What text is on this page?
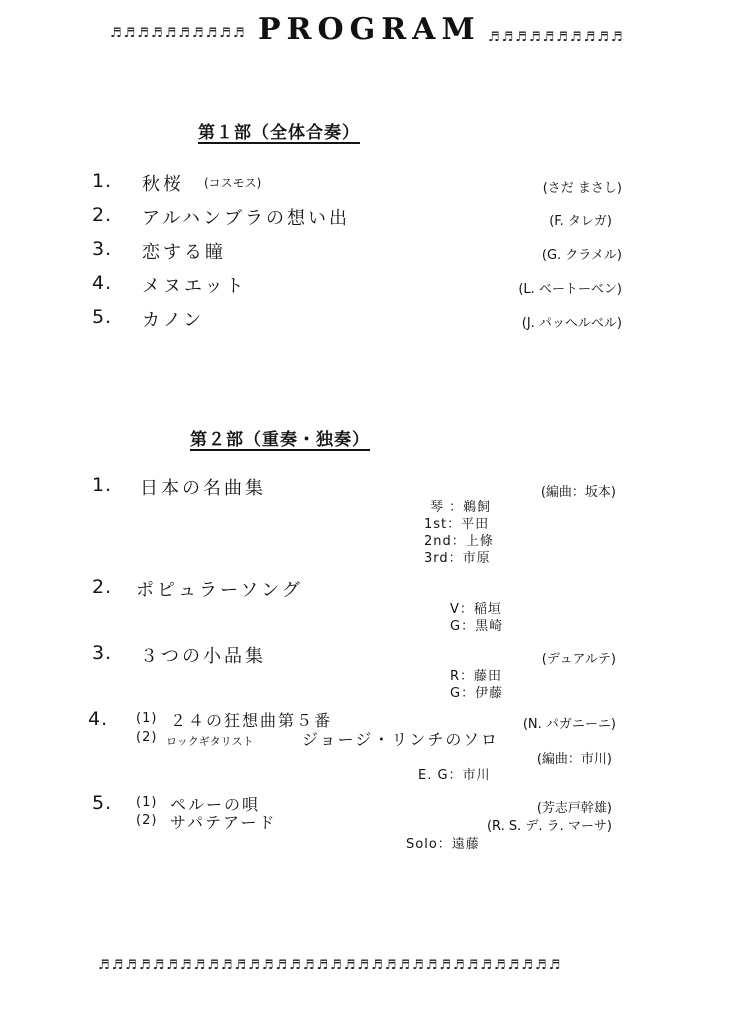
♬♬♬♬♬♬♬♬♬♬ PROGRAM ♬♬♬♬♬♬♬♬♬♬
第１部（全体合奏）
1. 秋桜 (コスモス)	(さだ まさし)
2. アルハンブラの想い出	(F. タレガ)
3. 恋する瞳	(G. クラメル)
4. メヌエット	(L. ベートーベン)
5. カノン	(J. パッヘルベル)
第２部（重奏・独奏）
1. 日本の名曲集	(編曲：坂本)
琴 ：鵜飼
1st：平田
2nd：上條
3rd：市原
2. ポピュラーソング
V：稲垣
G：黒崎
3. ３つの小品集	(デュアルテ)
R：藤田
G：伊藤
4. (1) ２４の狂想曲第５番	(N. パガニーニ)
(2) ロックギタリスト	ジョージ・リンチのソロ
(編曲：市川)
E. G：市川
5. (1) ペルーの唄	(芳志戸幹雄)
(2) サパテアード	(R. S. デ. ラ. マーサ)
Solo：遠藤
♬♬♬♬♬♬♬♬♬♬♬♬♬♬♬♬♬♬♬♬♬♬♬♬♬♬♬♬♬♬♬♬♬♬
